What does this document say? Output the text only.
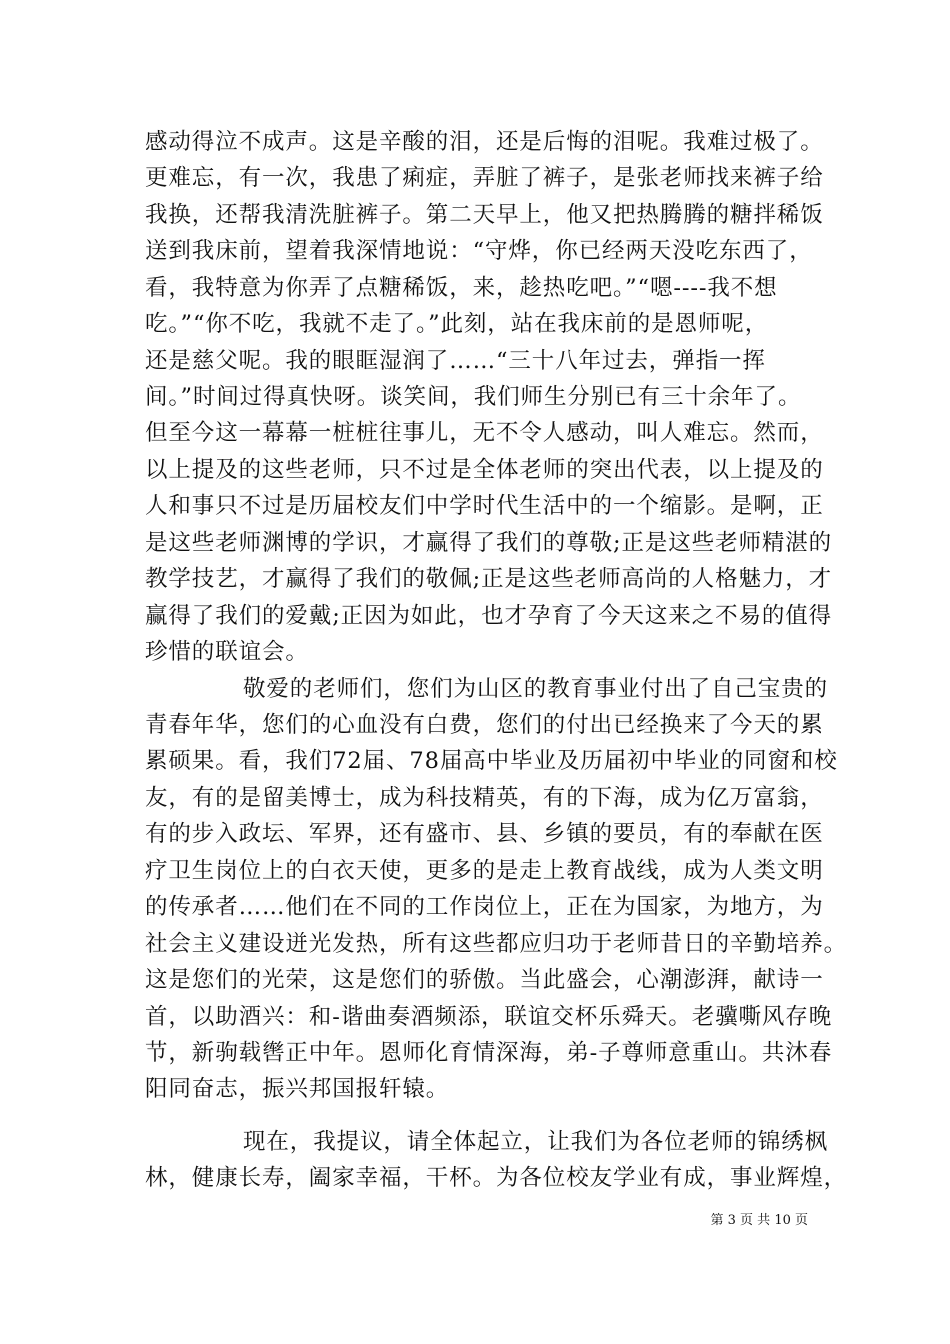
感动得泣不成声。这是辛酸的泪，还是后悔的泪呢。我难过极了。
更难忘，有一次，我患了痢症，弄脏了裤子，是张老师找来裤子给
我换，还帮我清洗脏裤子。第二天早上，他又把热腾腾的糖拌稀饭
送到我床前，望着我深情地说：“守烨，你已经两天没吃东西了，
看，我特意为你弄了点糖稀饭，来，趁热吃吧。”“嗯----我不想
吃。”“你不吃，我就不走了。”此刻，站在我床前的是恩师呢，
还是慈父呢。我的眼眶湿润了……“三十八年过去，弹指一挥
间。”时间过得真快呀。谈笑间，我们师生分别已有三十余年了。
但至今这一幕幕一桩桩往事儿，无不令人感动，叫人难忘。然而，
以上提及的这些老师，只不过是全体老师的突出代表，以上提及的
人和事只不过是历届校友们中学时代生活中的一个缩影。是啊，正
是这些老师渊博的学识，才赢得了我们的尊敬;正是这些老师精湛的
教学技艺，才赢得了我们的敬佩;正是这些老师高尚的人格魅力，才
赢得了我们的爱戴;正因为如此，也才孕育了今天这来之不易的值得
珍惜的联谊会。
敬爱的老师们，您们为山区的教育事业付出了自己宝贵的
青春年华，您们的心血没有白费，您们的付出已经换来了今天的累
累硕果。看，我们72届、78届高中毕业及历届初中毕业的同窗和校
友，有的是留美博士，成为科技精英，有的下海，成为亿万富翁，
有的步入政坛、军界，还有盛市、县、乡镇的要员，有的奉献在医
疗卫生岗位上的白衣天使，更多的是走上教育战线，成为人类文明
的传承者……他们在不同的工作岗位上，正在为国家，为地方，为
社会主义建设迸光发热，所有这些都应归功于老师昔日的辛勤培养。
这是您们的光荣，这是您们的骄傲。当此盛会，心潮澎湃，献诗一
首，以助酒兴：和-谐曲奏酒频添，联谊交杯乐舜天。老骥嘶风存晚
节，新驹载辔正中年。恩师化育情深海，弟-子尊师意重山。共沐春
阳同奋志，振兴邦国报轩辕。
现在，我提议，请全体起立，让我们为各位老师的锦绣枫
林，健康长寿，阖家幸福，干杯。为各位校友学业有成，事业辉煌，
第 3 页 共 10 页
